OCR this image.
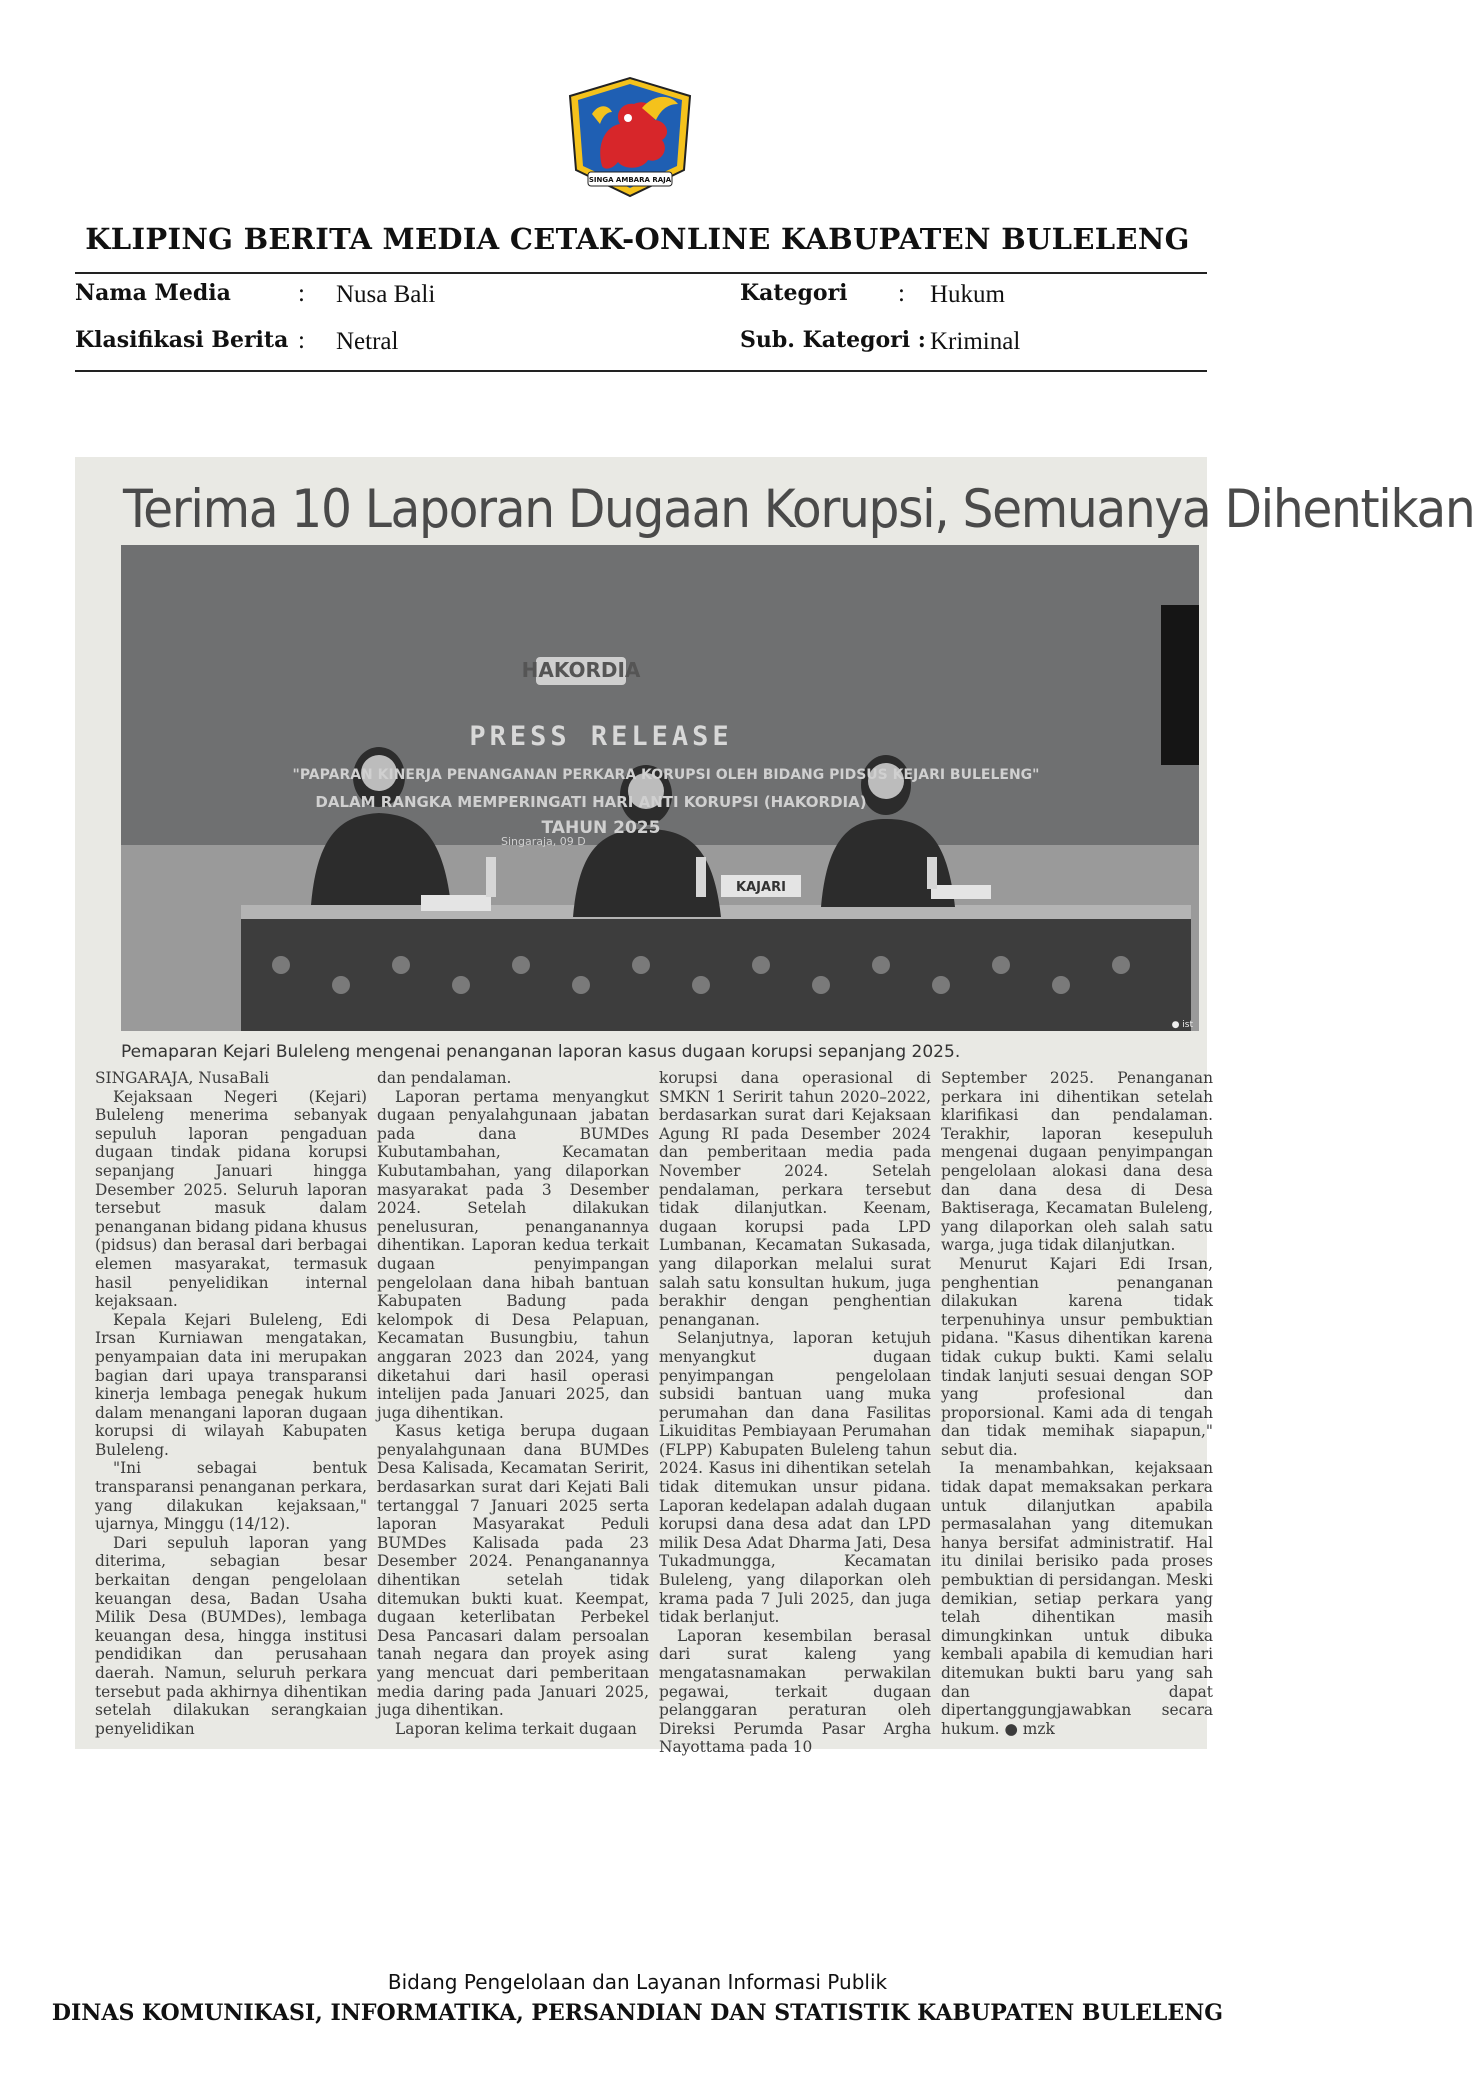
SINGA AMBARA RAJA
KLIPING BERITA MEDIA CETAK-ONLINE KABUPATEN BULELENG
Nama Media	: Nusa Bali	Kategori : Hukum
Klasifikasi Berita : Netral	Sub. Kategori : Kriminal
Terima 10 Laporan Dugaan Korupsi, Semuanya Dihentikan
HAKORDIA
PRESS RELEASE
"PAPARAN KINERJA PENANGANAN PERKARA KORUPSI OLEH BIDANG PIDSUS KEJARI BULELENG"
DALAM RANGKA MEMPERINGATI HARI ANTI KORUPSI (HAKORDIA)
TAHUN 2025
Singaraja, 09 D
KAJARI
● ist
Pemaparan Kejari Buleleng mengenai penanganan laporan kasus dugaan korupsi sepanjang 2025.

SINGARAJA, NusaBali

Kejaksaan Negeri (Kejari) Buleleng menerima sebanyak sepuluh laporan pengaduan dugaan tindak pidana korupsi sepanjang Januari hingga Desember 2025. Seluruh laporan tersebut masuk dalam penanganan bidang pidana khusus (pidsus) dan berasal dari berbagai elemen masyarakat, termasuk hasil penyelidikan internal kejaksaan.

Kepala Kejari Buleleng, Edi Irsan Kurniawan mengatakan, penyampaian data ini merupakan bagian dari upaya transparansi kinerja lembaga penegak hukum dalam menangani laporan dugaan korupsi di wilayah Kabupaten Buleleng.

"Ini sebagai bentuk transparansi penanganan perkara, yang dilakukan kejaksaan," ujarnya, Minggu (14/12).

Dari sepuluh laporan yang diterima, sebagian besar berkaitan dengan pengelolaan keuangan desa, Badan Usaha Milik Desa (BUMDes), lembaga keuangan desa, hingga institusi pendidikan dan perusahaan daerah. Namun, seluruh perkara tersebut pada akhirnya dihentikan setelah dilakukan serangkaian penyelidikan

dan pendalaman.

Laporan pertama menyangkut dugaan penyalahgunaan jabatan pada dana BUMDes Kubutambahan, Kecamatan Kubutambahan, yang dilaporkan masyarakat pada 3 Desember 2024. Setelah dilakukan penelusuran, penanganannya dihentikan. Laporan kedua terkait dugaan penyimpangan pengelolaan dana hibah bantuan Kabupaten Badung pada kelompok di Desa Pelapuan, Kecamatan Busungbiu, tahun anggaran 2023 dan 2024, yang diketahui dari hasil operasi intelijen pada Januari 2025, dan juga dihentikan.

Kasus ketiga berupa dugaan penyalahgunaan dana BUMDes Desa Kalisada, Kecamatan Seririt, berdasarkan surat dari Kejati Bali tertanggal 7 Januari 2025 serta laporan Masyarakat Peduli BUMDes Kalisada pada 23 Desember 2024. Penanganannya dihentikan setelah tidak ditemukan bukti kuat. Keempat, dugaan keterlibatan Perbekel Desa Pancasari dalam persoalan tanah negara dan proyek asing yang mencuat dari pemberitaan media daring pada Januari 2025, juga dihentikan.

Laporan kelima terkait dugaan

korupsi dana operasional di SMKN 1 Seririt tahun 2020–2022, berdasarkan surat dari Kejaksaan Agung RI pada Desember 2024 dan pemberitaan media pada November 2024. Setelah pendalaman, perkara tersebut tidak dilanjutkan. Keenam, dugaan korupsi pada LPD Lumbanan, Kecamatan Sukasada, yang dilaporkan melalui surat salah satu konsultan hukum, juga berakhir dengan penghentian penanganan.

Selanjutnya, laporan ketujuh menyangkut dugaan penyimpangan pengelolaan subsidi bantuan uang muka perumahan dan dana Fasilitas Likuiditas Pembiayaan Perumahan (FLPP) Kabupaten Buleleng tahun 2024. Kasus ini dihentikan setelah tidak ditemukan unsur pidana. Laporan kedelapan adalah dugaan korupsi dana desa adat dan LPD milik Desa Adat Dharma Jati, Desa Tukadmungga, Kecamatan Buleleng, yang dilaporkan oleh krama pada 7 Juli 2025, dan juga tidak berlanjut.

Laporan kesembilan berasal dari surat kaleng yang mengatasnamakan perwakilan pegawai, terkait dugaan pelanggaran peraturan oleh Direksi Perumda Pasar Argha Nayottama pada 10

September 2025. Penanganan perkara ini dihentikan setelah klarifikasi dan pendalaman. Terakhir, laporan kesepuluh mengenai dugaan penyimpangan pengelolaan alokasi dana desa dan dana desa di Desa Baktiseraga, Kecamatan Buleleng, yang dilaporkan oleh salah satu warga, juga tidak dilanjutkan.

Menurut Kajari Edi Irsan, penghentian penanganan dilakukan karena tidak terpenuhinya unsur pembuktian pidana. "Kasus dihentikan karena tidak cukup bukti. Kami selalu tindak lanjuti sesuai dengan SOP yang profesional dan proporsional. Kami ada di tengah dan tidak memihak siapapun," sebut dia.

Ia menambahkan, kejaksaan tidak dapat memaksakan perkara untuk dilanjutkan apabila permasalahan yang ditemukan hanya bersifat administratif. Hal itu dinilai berisiko pada proses pembuktian di persidangan. Meski demikian, setiap perkara yang telah dihentikan masih dimungkinkan untuk dibuka kembali apabila di kemudian hari ditemukan bukti baru yang sah dan dapat dipertanggungjawabkan secara hukum. ● mzk

Bidang Pengelolaan dan Layanan Informasi Publik
DINAS KOMUNIKASI, INFORMATIKA, PERSANDIAN DAN STATISTIK KABUPATEN BULELENG
